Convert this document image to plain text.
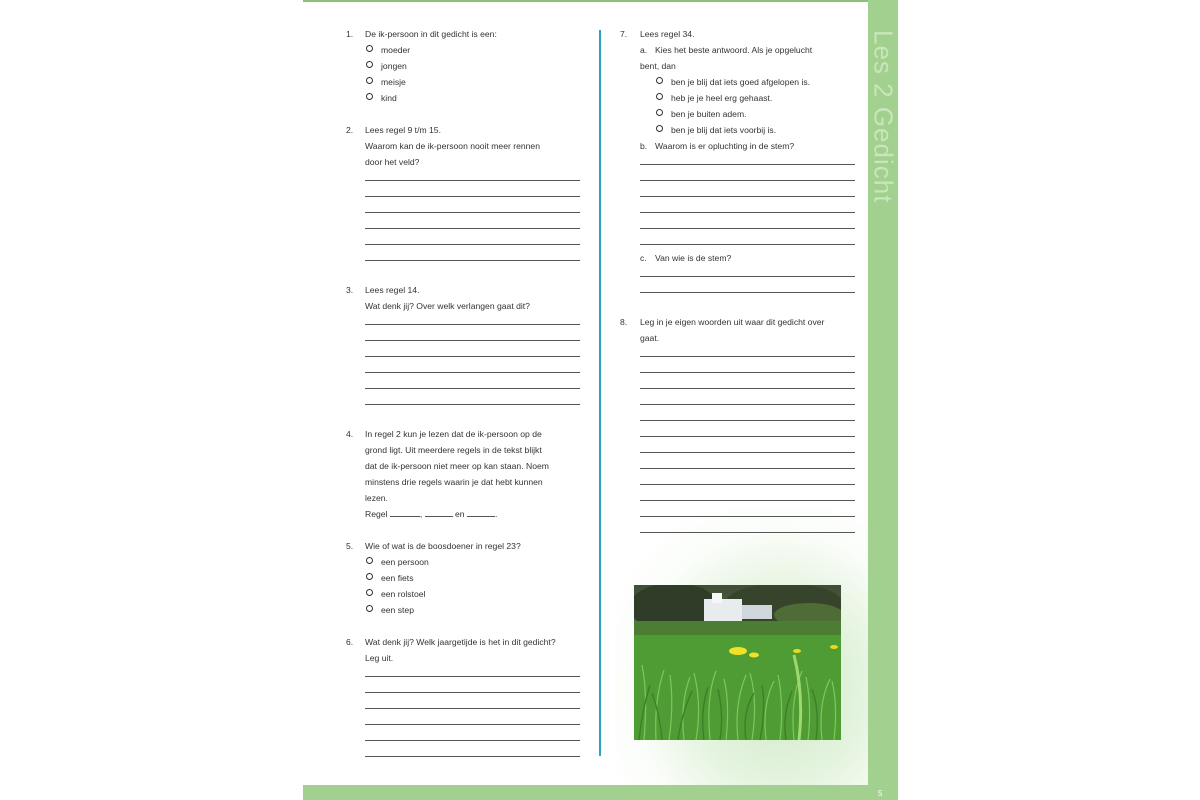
Les 2 Gedicht
5
1. De ik-persoon in dit gedicht is een:
moeder
jongen
meisje
kind
2. Lees regel 9 t/m 15.
Waarom kan de ik-persoon nooit meer rennen
door het veld?
3. Lees regel 14.
Wat denk jij? Over welk verlangen gaat dit?
4. In regel 2 kun je lezen dat de ik-persoon op de
grond ligt. Uit meerdere regels in de tekst blijkt
dat de ik-persoon niet meer op kan staan. Noem
minstens drie regels waarin je dat hebt kunnen
lezen.
Regel	,	en	.
5. Wie of wat is de boosdoener in regel 23?
een persoon
een fiets
een rolstoel
een step
6. Wat denk jij? Welk jaargetijde is het in dit gedicht?
Leg uit.
7. Lees regel 34.
a. Kies het beste antwoord. Als je opgelucht
bent, dan
ben je blij dat iets goed afgelopen is.
heb je je heel erg gehaast.
ben je buiten adem.
ben je blij dat iets voorbij is.
b. Waarom is er opluchting in de stem?
c. Van wie is de stem?
8. Leg in je eigen woorden uit waar dit gedicht over
gaat.
